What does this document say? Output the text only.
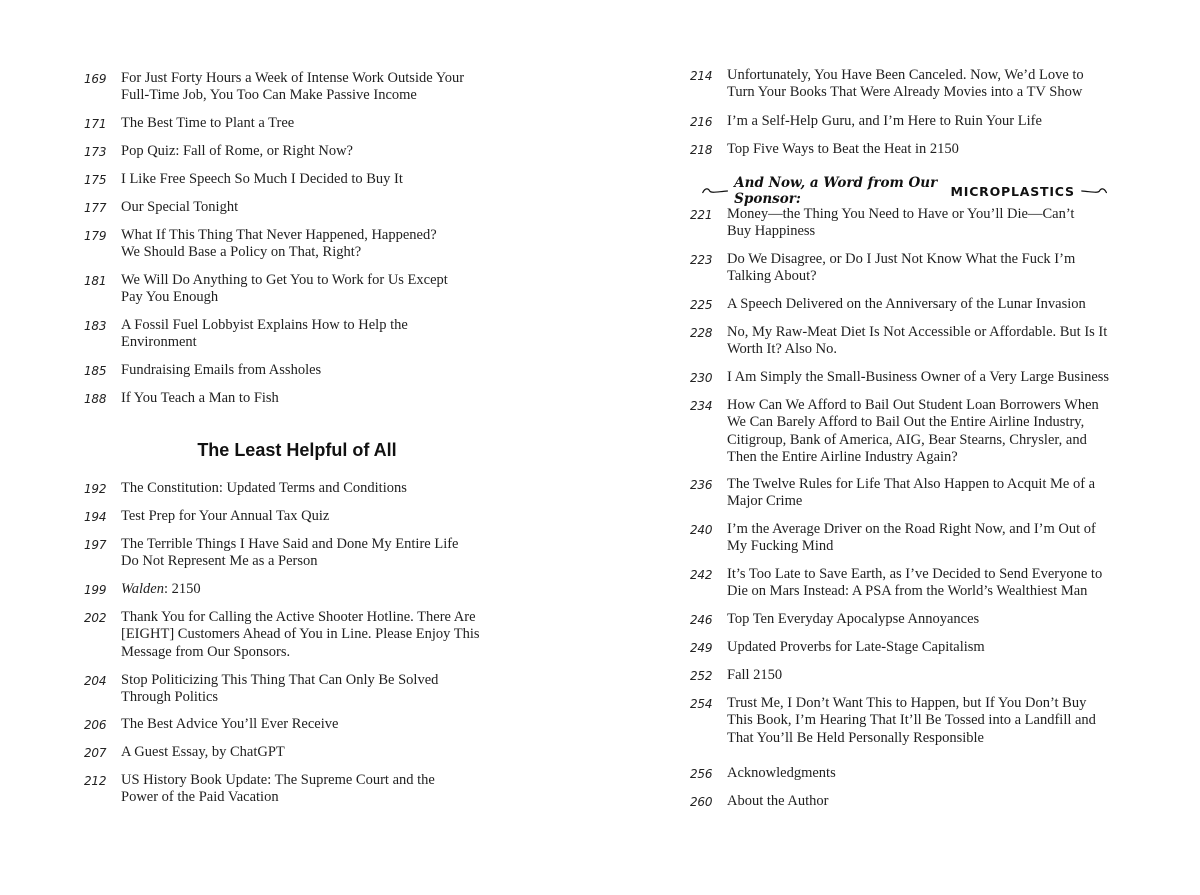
169 For Just Forty Hours a Week of Intense Work Outside Your
Full-Time Job, You Too Can Make Passive Income
171 The Best Time to Plant a Tree
173 Pop Quiz: Fall of Rome, or Right Now?
175 I Like Free Speech So Much I Decided to Buy It
177 Our Special Tonight
179 What If This Thing That Never Happened, Happened?
We Should Base a Policy on That, Right?
181 We Will Do Anything to Get You to Work for Us Except
Pay You Enough
183 A Fossil Fuel Lobbyist Explains How to Help the
Environment
185 Fundraising Emails from Assholes
188 If You Teach a Man to Fish
The Least Helpful of All
192 The Constitution: Updated Terms and Conditions
194 Test Prep for Your Annual Tax Quiz
197 The Terrible Things I Have Said and Done My Entire Life
Do Not Represent Me as a Person
199 Walden: 2150
202 Thank You for Calling the Active Shooter Hotline. There Are
[EIGHT] Customers Ahead of You in Line. Please Enjoy This
Message from Our Sponsors.
204 Stop Politicizing This Thing That Can Only Be Solved
Through Politics
206 The Best Advice You’ll Ever Receive
207 A Guest Essay, by ChatGPT
212 US History Book Update: The Supreme Court and the
Power of the Paid Vacation
214 Unfortunately, You Have Been Canceled. Now, We’d Love to
Turn Your Books That Were Already Movies into a TV Show
216 I’m a Self-Help Guru, and I’m Here to Ruin Your Life
218 Top Five Ways to Beat the Heat in 2150
And Now, a Word from Our Sponsor:	MICROPLASTICS
221 Money—the Thing You Need to Have or You’ll Die—Can’t
Buy Happiness
223 Do We Disagree, or Do I Just Not Know What the Fuck I’m
Talking About?
225 A Speech Delivered on the Anniversary of the Lunar Invasion
228 No, My Raw-Meat Diet Is Not Accessible or Affordable. But Is It
Worth It? Also No.
230 I Am Simply the Small-Business Owner of a Very Large Business
234 How Can We Afford to Bail Out Student Loan Borrowers When
We Can Barely Afford to Bail Out the Entire Airline Industry,
Citigroup, Bank of America, AIG, Bear Stearns, Chrysler, and
Then the Entire Airline Industry Again?
236 The Twelve Rules for Life That Also Happen to Acquit Me of a
Major Crime
240 I’m the Average Driver on the Road Right Now, and I’m Out of
My Fucking Mind
242 It’s Too Late to Save Earth, as I’ve Decided to Send Everyone to
Die on Mars Instead: A PSA from the World’s Wealthiest Man
246 Top Ten Everyday Apocalypse Annoyances
249 Updated Proverbs for Late-Stage Capitalism
252 Fall 2150
254 Trust Me, I Don’t Want This to Happen, but If You Don’t Buy
This Book, I’m Hearing That It’ll Be Tossed into a Landfill and
That You’ll Be Held Personally Responsible
256 Acknowledgments
260 About the Author
